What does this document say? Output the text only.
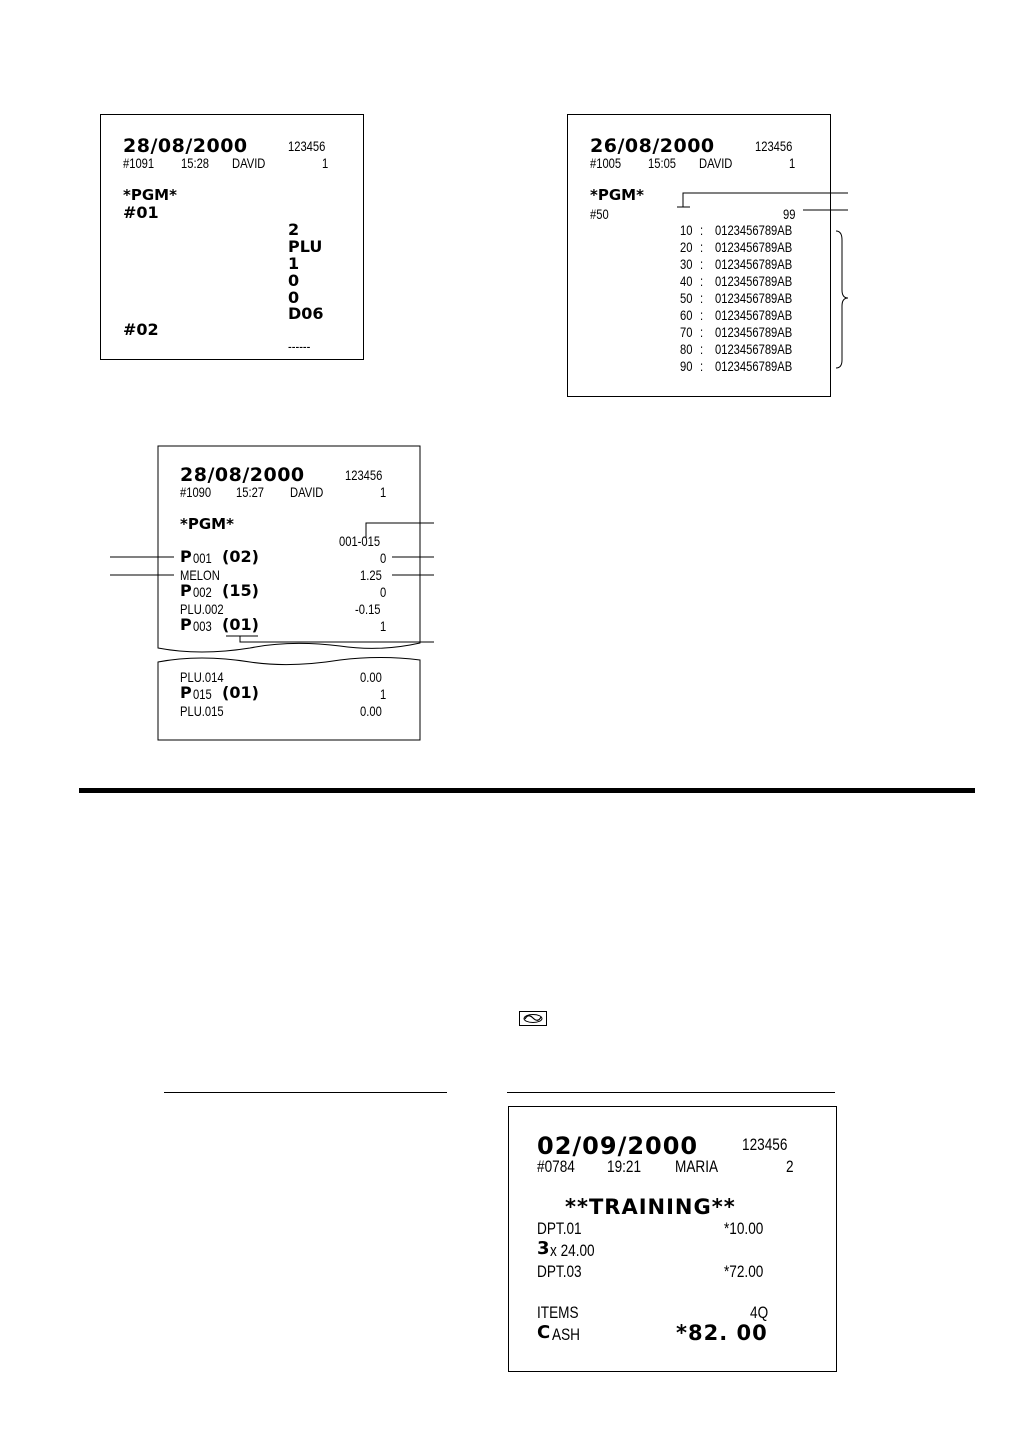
28/08/2000	123456
#1091 15:28 DAVID	1
*PGM*
#01
2
PLU
1
0
0
D06
#02
------
26/08/2000	123456
#1005 15:05 DAVID	1
*PGM*
#50	99
10 : 0123456789AB
20 : 0123456789AB
30 : 0123456789AB
40 : 0123456789AB
50 : 0123456789AB
60 : 0123456789AB
70 : 0123456789AB
80 : 0123456789AB
90 : 0123456789AB
28/08/2000	123456
#1090 15:27 DAVID	1
*PGM*
001-015
P 001 (02)	0
MELON	1.25
P 002 (15)	0
PLU.002	-0.15
P 003 (01)	1
PLU.014	0.00
P 015 (01)	1
PLU.015	0.00
02/09/2000	123456
#0784 19:21 MARIA	2
**TRAINING**
DPT.01	*10.00
3 x 24.00
DPT.03	*72.00
ITEMS	4Q
C ASH	*82. 00
